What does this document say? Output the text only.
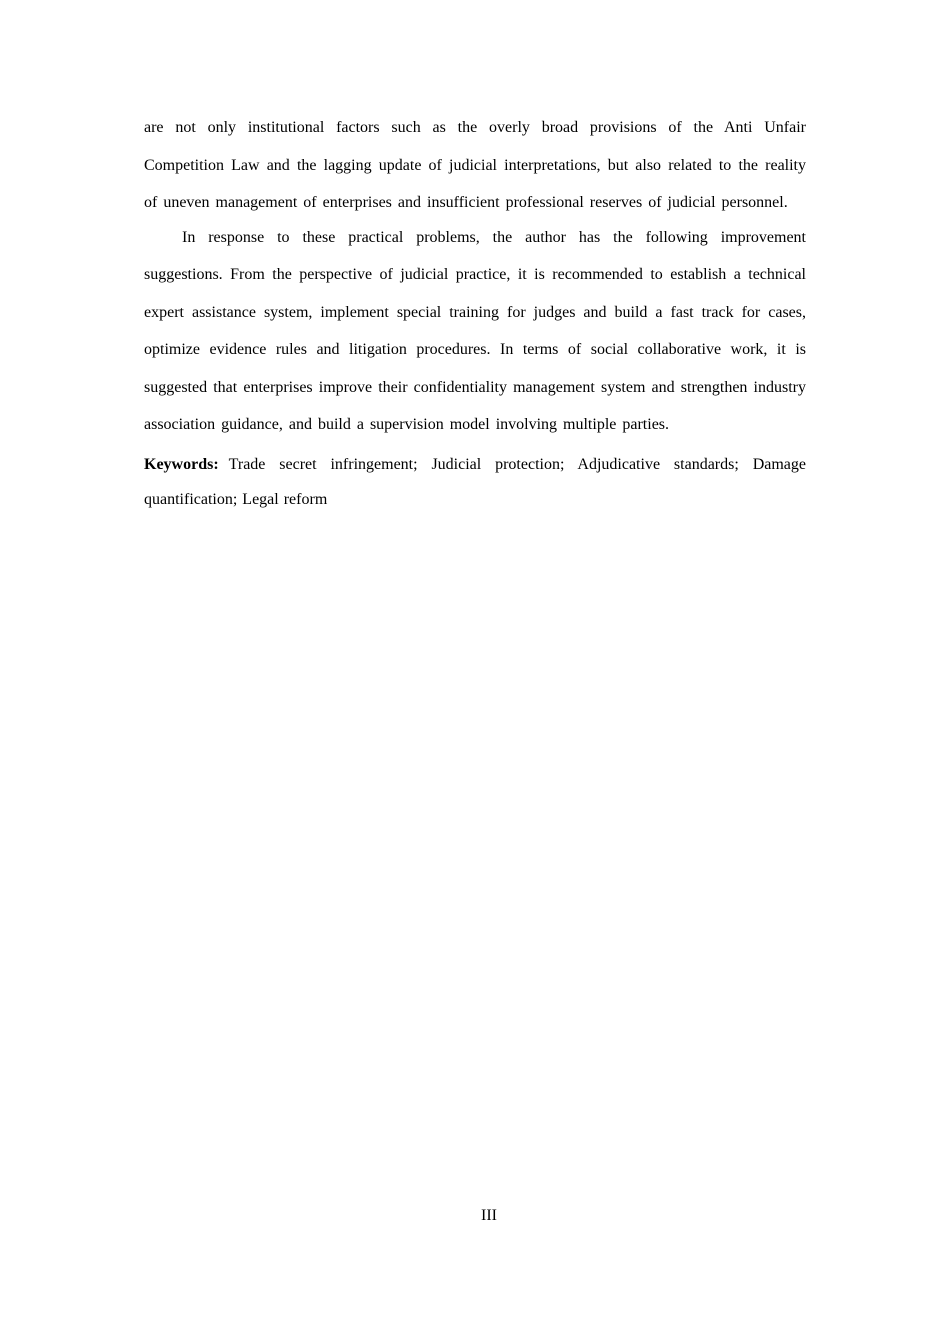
are not only institutional factors such as the overly broad provisions of the Anti Unfair Competition Law and the lagging update of judicial interpretations, but also related to the reality of uneven management of enterprises and insufficient professional reserves of judicial personnel.

In response to these practical problems, the author has the following improvement suggestions. From the perspective of judicial practice, it is recommended to establish a technical expert assistance system, implement special training for judges and build a fast track for cases, optimize evidence rules and litigation procedures. In terms of social collaborative work, it is suggested that enterprises improve their confidentiality management system and strengthen industry association guidance, and build a supervision model involving multiple parties.

Keywords: Trade secret infringement; Judicial protection; Adjudicative standards; Damage quantification; Legal reform

III
